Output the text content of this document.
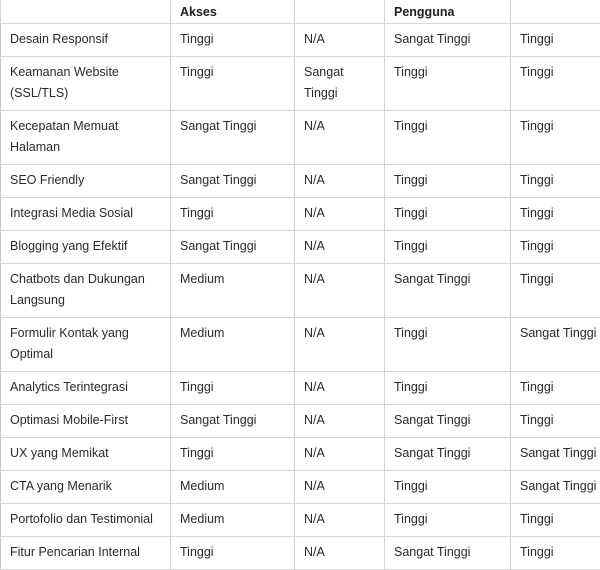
	Akses		Pengguna	
Desain Responsif	Tinggi	N/A	Sangat Tinggi	Tinggi
Keamanan Website (SSL/TLS)	Tinggi	Sangat Tinggi	Tinggi	Tinggi
Kecepatan Memuat Halaman	Sangat Tinggi	N/A	Tinggi	Tinggi
SEO Friendly	Sangat Tinggi	N/A	Tinggi	Tinggi
Integrasi Media Sosial	Tinggi	N/A	Tinggi	Tinggi
Blogging yang Efektif	Sangat Tinggi	N/A	Tinggi	Tinggi
Chatbots dan Dukungan Langsung	Medium	N/A	Sangat Tinggi	Tinggi
Formulir Kontak yang Optimal	Medium	N/A	Tinggi	Sangat Tinggi
Analytics Terintegrasi	Tinggi	N/A	Tinggi	Tinggi
Optimasi Mobile-First	Sangat Tinggi	N/A	Sangat Tinggi	Tinggi
UX yang Memikat	Tinggi	N/A	Sangat Tinggi	Sangat Tinggi
CTA yang Menarik	Medium	N/A	Tinggi	Sangat Tinggi
Portofolio dan Testimonial	Medium	N/A	Tinggi	Tinggi
Fitur Pencarian Internal	Tinggi	N/A	Sangat Tinggi	Tinggi
